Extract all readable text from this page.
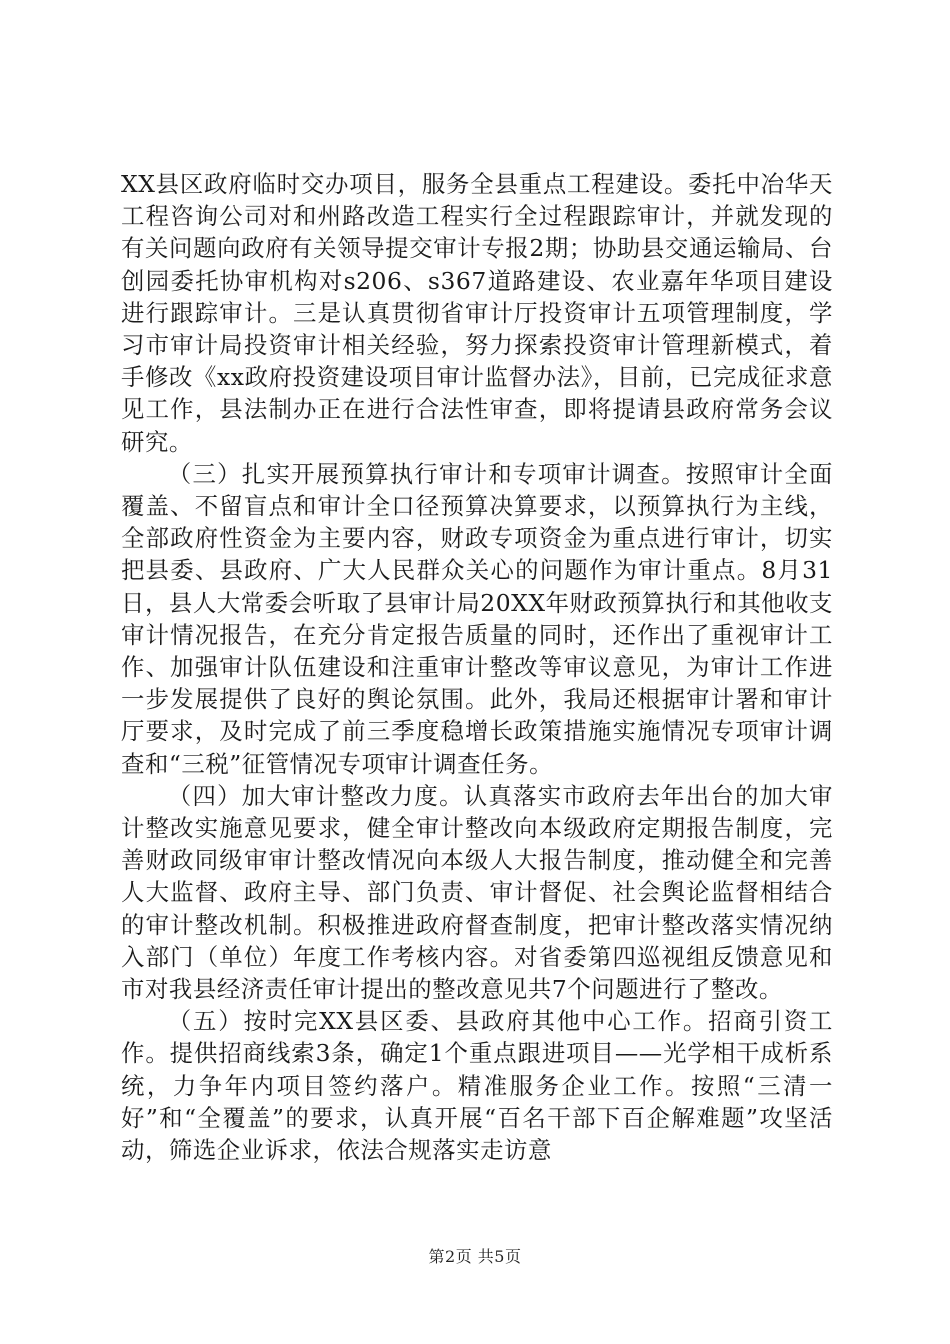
XX县区政府临时交办项目，服务全县重点工程建设。委托中冶华天工程咨询公司对和州路改造工程实行全过程跟踪审计，并就发现的有关问题向政府有关领导提交审计专报2期；协助县交通运输局、台创园委托协审机构对s206、s367道路建设、农业嘉年华项目建设进行跟踪审计。三是认真贯彻省审计厅投资审计五项管理制度，学习市审计局投资审计相关经验，努力探索投资审计管理新模式，着手修改《xx政府投资建设项目审计监督办法》，目前，已完成征求意见工作，县法制办正在进行合法性审查，即将提请县政府常务会议研究。

（三）扎实开展预算执行审计和专项审计调查。按照审计全面覆盖、不留盲点和审计全口径预算决算要求，以预算执行为主线，全部政府性资金为主要内容，财政专项资金为重点进行审计，切实把县委、县政府、广大人民群众关心的问题作为审计重点。8月31日，县人大常委会听取了县审计局20XX年财政预算执行和其他收支审计情况报告，在充分肯定报告质量的同时，还作出了重视审计工作、加强审计队伍建设和注重审计整改等审议意见，为审计工作进一步发展提供了良好的舆论氛围。此外，我局还根据审计署和审计厅要求，及时完成了前三季度稳增长政策措施实施情况专项审计调查和“三税”征管情况专项审计调查任务。

（四）加大审计整改力度。认真落实市政府去年出台的加大审计整改实施意见要求，健全审计整改向本级政府定期报告制度，完善财政同级审审计整改情况向本级人大报告制度，推动健全和完善人大监督、政府主导、部门负责、审计督促、社会舆论监督相结合的审计整改机制。积极推进政府督查制度，把审计整改落实情况纳入部门（单位）年度工作考核内容。对省委第四巡视组反馈意见和市对我县经济责任审计提出的整改意见共7个问题进行了整改。

（五）按时完XX县区委、县政府其他中心工作。招商引资工作。提供招商线索3条，确定1个重点跟进项目——光学相干成析系统，力争年内项目签约落户。精准服务企业工作。按照“三清一好”和“全覆盖”的要求，认真开展“百名干部下百企解难题”攻坚活动，筛选企业诉求，依法合规落实走访意

第2页 共5页
